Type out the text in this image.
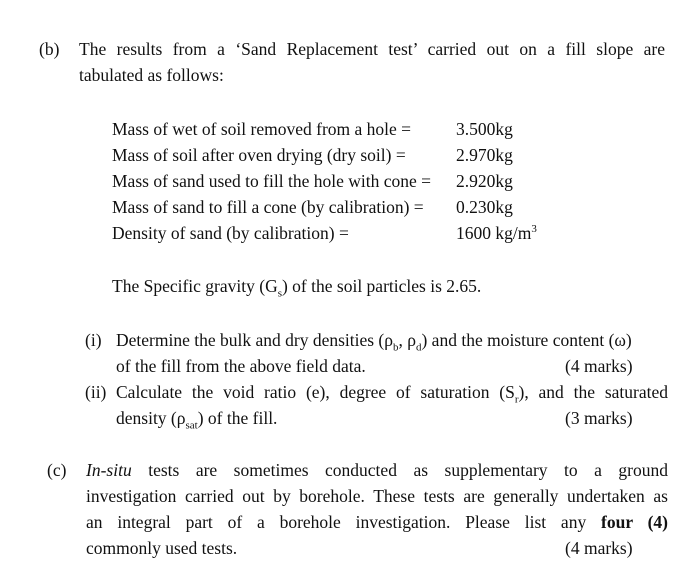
(b) The results from a ‘Sand Replacement test’ carried out on a fill slope are
tabulated as follows:
Mass of wet of soil removed from a hole =	3.500kg
Mass of soil after oven drying (dry soil) =	2.970kg
Mass of sand used to fill the hole with cone = 2.920kg
Mass of sand to fill a cone (by calibration) = 0.230kg
Density of sand (by calibration) =	1600 $kg/m^3$
The Specific gravity $(G_s)$ of the soil particles is 2.65.
(i) Determine the bulk and dry densities ($\rho_b$, $\rho_d$) and the moisture content (ω)
of the fill from the above field data.	(4 marks)
(ii) Calculate the void ratio (e), degree of saturation $(S_r)$, and the saturated
density $(\rho_{sat})$ of the fill.	(3 marks)
(c) In-situ tests are sometimes conducted as supplementary to a ground
investigation carried out by borehole. These tests are generally undertaken as
an integral part of a borehole investigation. Please list any four (4)
commonly used tests.	(4 marks)
